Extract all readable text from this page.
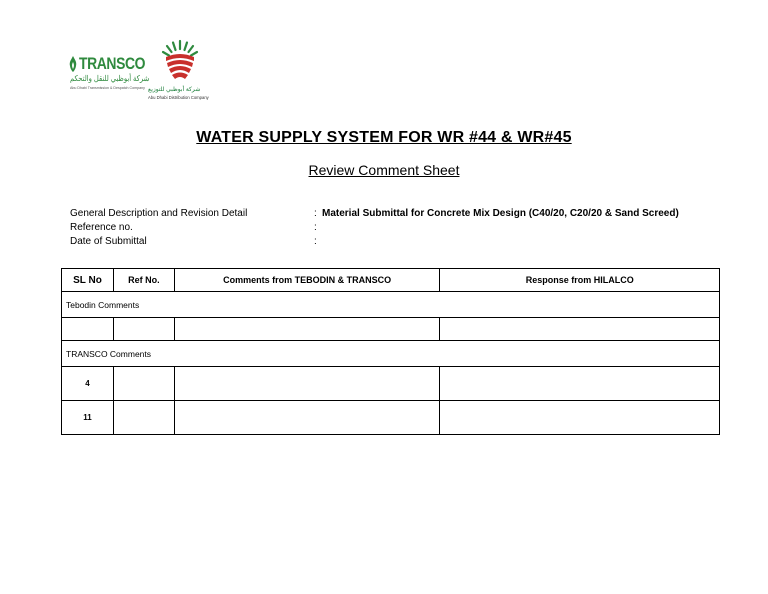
TRANSCO
شركة أبوظبي للنقل والتحكم
Abu Dhabi Transmission & Despatch Company شركة أبوظبي للتوزيع
Abu Dhabi Distribution Company
WATER SUPPLY SYSTEM FOR WR #44 & WR#45
Review Comment Sheet
General Description and Revision Detail	: Material Submittal for Concrete Mix Design (C40/20, C20/20 & Sand Screed)
Reference no.	:
Date of Submittal	:
SL No	Ref No.	Comments from TEBODIN & TRANSCO	Response from HILALCO
Tebodin Comments			

TRANSCO Comments			
4			
11			
